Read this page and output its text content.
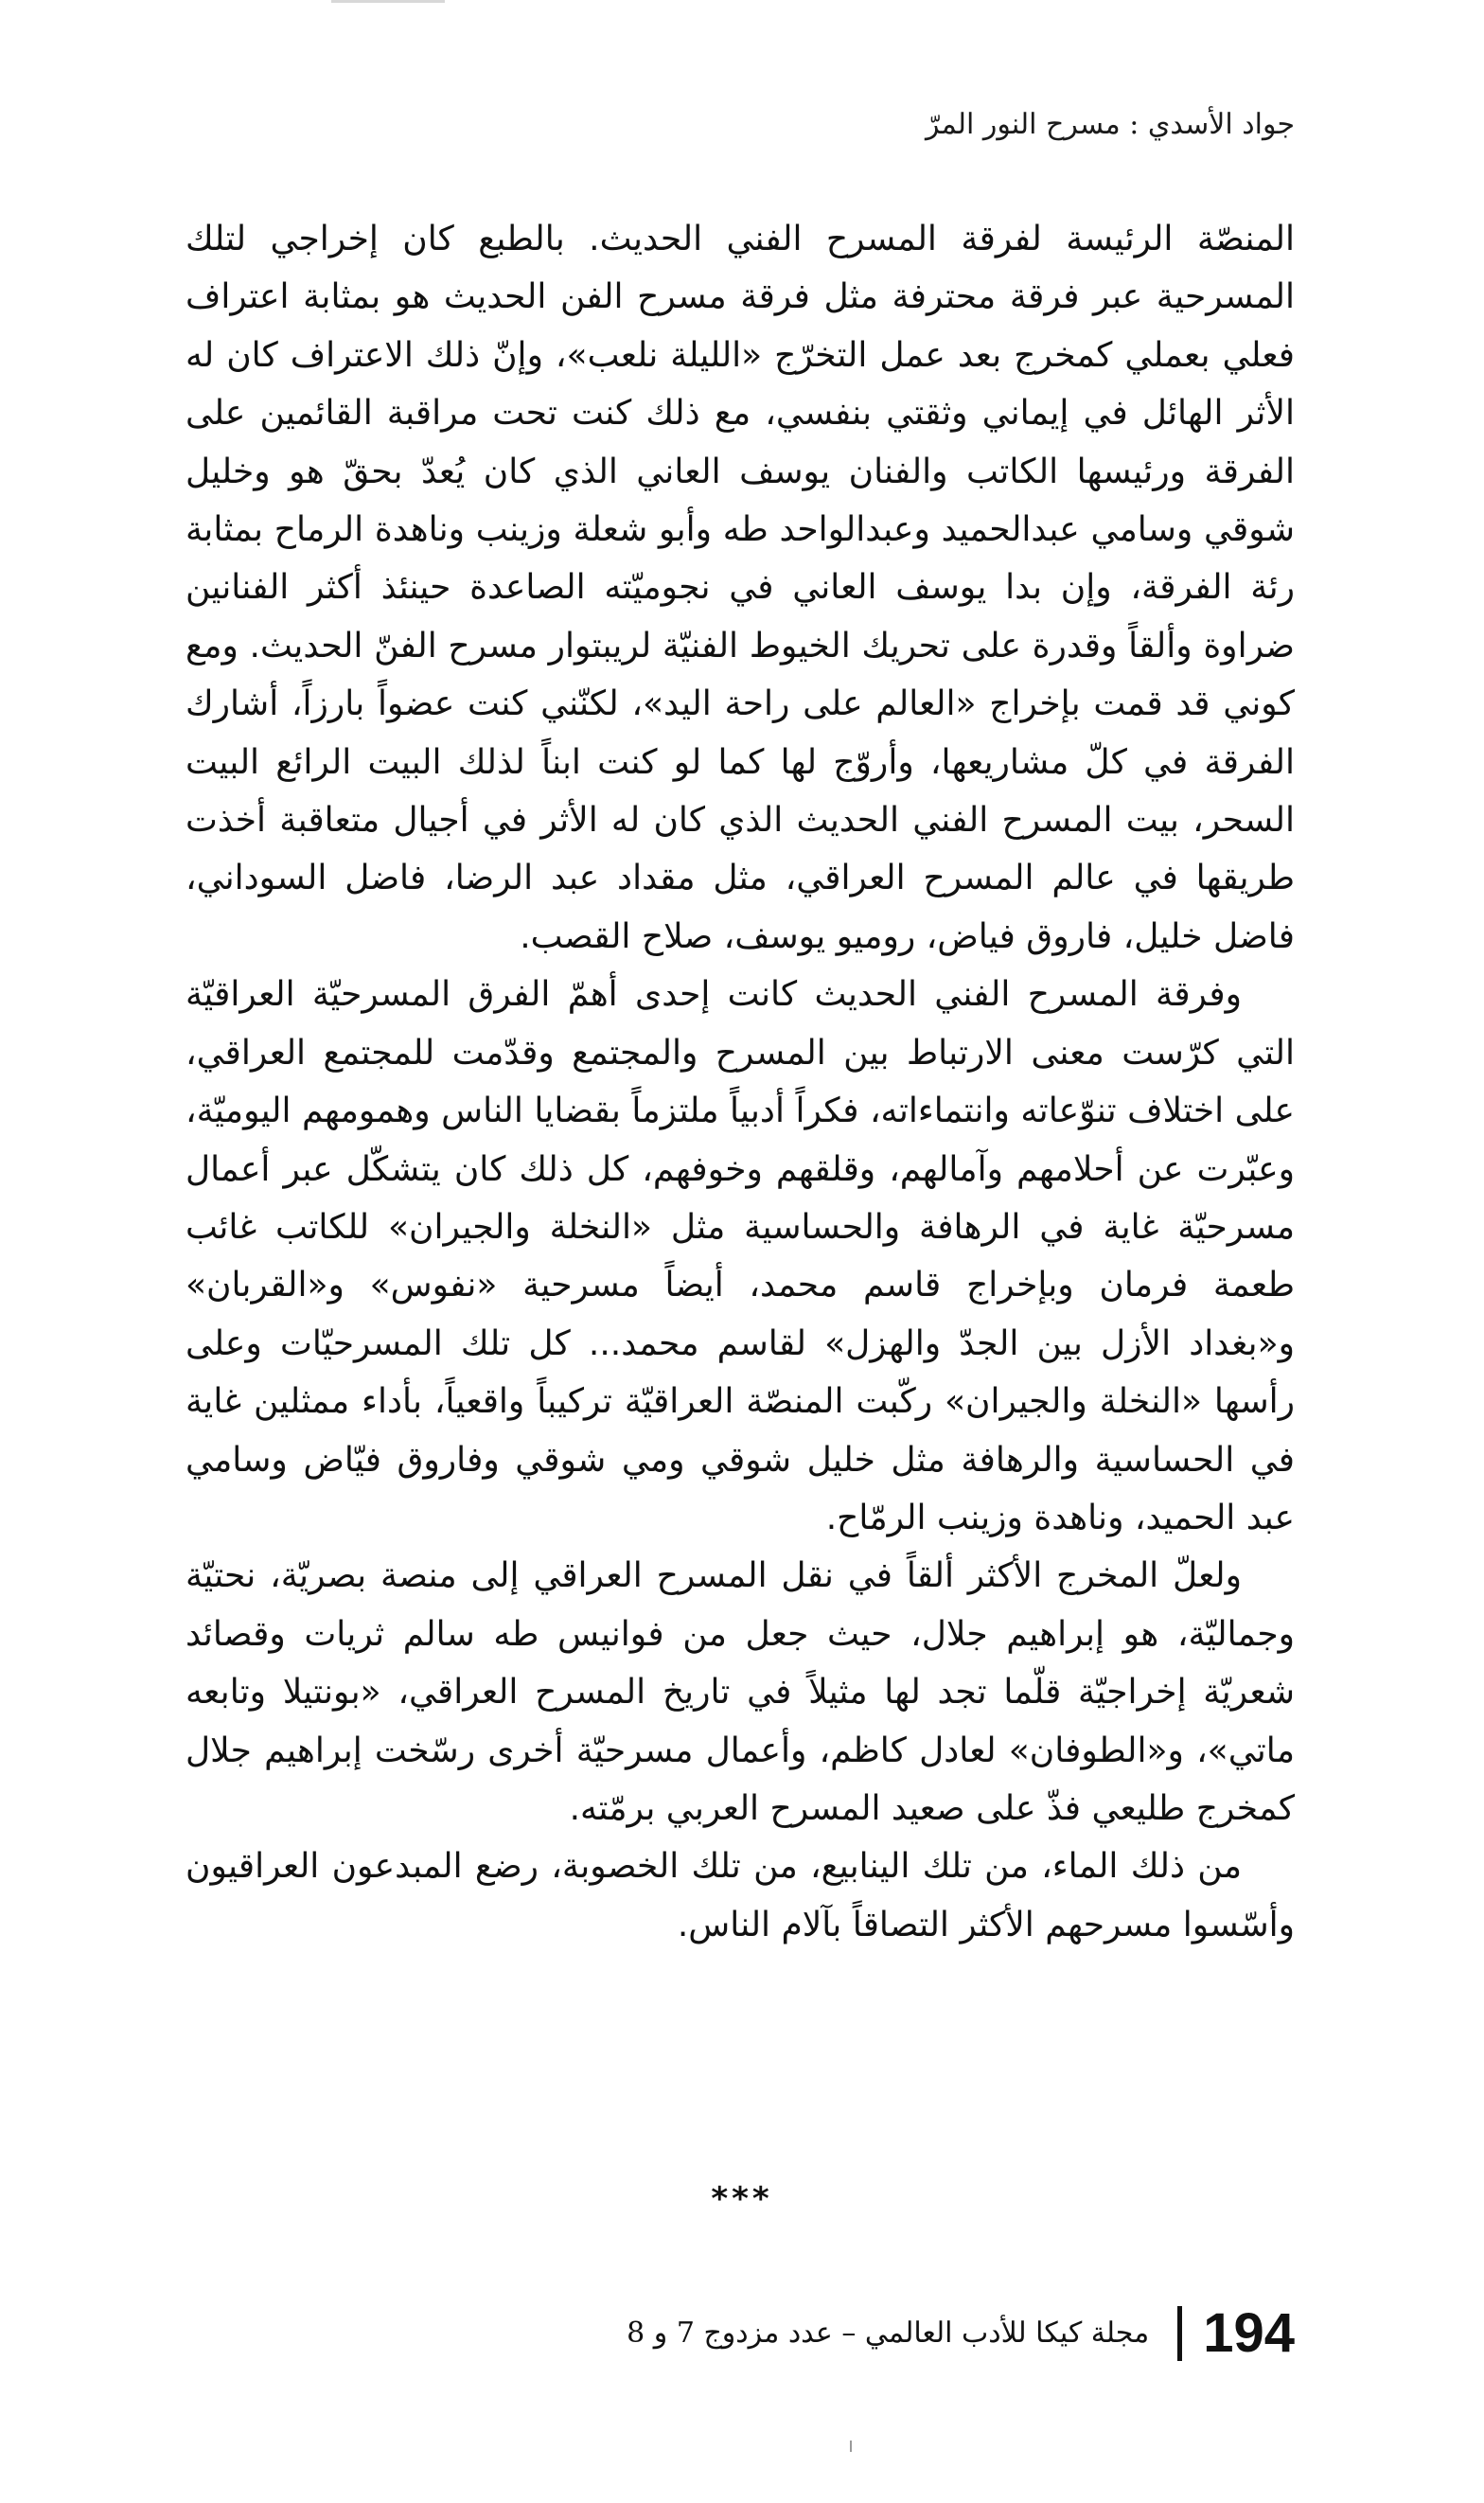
جواد الأسدي : مسرح النور المرّ

المنصّة الرئيسة لفرقة المسرح الفني الحديث. بالطبع كان إخراجي لتلك المسرحية عبر فرقة محترفة مثل فرقة مسرح الفن الحديث هو بمثابة اعتراف فعلي بعملي كمخرج بعد عمل التخرّج «الليلة نلعب»، وإنّ ذلك الاعتراف كان له الأثر الهائل في إيماني وثقتي بنفسي، مع ذلك كنت تحت مراقبة القائمين على الفرقة ورئيسها الكاتب والفنان يوسف العاني الذي كان يُعدّ بحقّ هو وخليل شوقي وسامي عبدالحميد وعبدالواحد طه وأبو شعلة وزينب وناهدة الرماح بمثابة رئة الفرقة، وإن بدا يوسف العاني في نجوميّته الصاعدة حينئذ أكثر الفنانين ضراوة وألقاً وقدرة على تحريك الخيوط الفنيّة لريبتوار مسرح الفنّ الحديث. ومع كوني قد قمت بإخراج «العالم على راحة اليد»، لكنّني كنت عضواً بارزاً، أشارك الفرقة في كلّ مشاريعها، وأروّج لها كما لو كنت ابناً لذلك البيت الرائع البيت السحر، بيت المسرح الفني الحديث الذي كان له الأثر في أجيال متعاقبة أخذت طريقها في عالم المسرح العراقي، مثل مقداد عبد الرضا، فاضل السوداني، فاضل خليل، فاروق فياض، روميو يوسف، صلاح القصب.

وفرقة المسرح الفني الحديث كانت إحدى أهمّ الفرق المسرحيّة العراقيّة التي كرّست معنى الارتباط بين المسرح والمجتمع وقدّمت للمجتمع العراقي، على اختلاف تنوّعاته وانتماءاته، فكراً أدبياً ملتزماً بقضايا الناس وهمومهم اليوميّة، وعبّرت عن أحلامهم وآمالهم، وقلقهم وخوفهم، كل ذلك كان يتشكّل عبر أعمال مسرحيّة غاية في الرهافة والحساسية مثل «النخلة والجيران» للكاتب غائب طعمة فرمان وبإخراج قاسم محمد، أيضاً مسرحية «نفوس» و«القربان» و«بغداد الأزل بين الجدّ والهزل» لقاسم محمد... كل تلك المسرحيّات وعلى رأسها «النخلة والجيران» ركّبت المنصّة العراقيّة تركيباً واقعياً، بأداء ممثلين غاية في الحساسية والرهافة مثل خليل شوقي ومي شوقي وفاروق فيّاض وسامي عبد الحميد، وناهدة وزينب الرمّاح.

ولعلّ المخرج الأكثر ألقاً في نقل المسرح العراقي إلى منصة بصريّة، نحتيّة وجماليّة، هو إبراهيم جلال، حيث جعل من فوانيس طه سالم ثريات وقصائد شعريّة إخراجيّة قلّما تجد لها مثيلاً في تاريخ المسرح العراقي، «بونتيلا وتابعه ماتي»، و«الطوفان» لعادل كاظم، وأعمال مسرحيّة أخرى رسّخت إبراهيم جلال كمخرج طليعي فذّ على صعيد المسرح العربي برمّته.

من ذلك الماء، من تلك الينابيع، من تلك الخصوبة، رضع المبدعون العراقيون وأسّسوا مسرحهم الأكثر التصاقاً بآلام الناس.

***
194
مجلة كيكا للأدب العالمي – عدد مزدوج 7 و 8
